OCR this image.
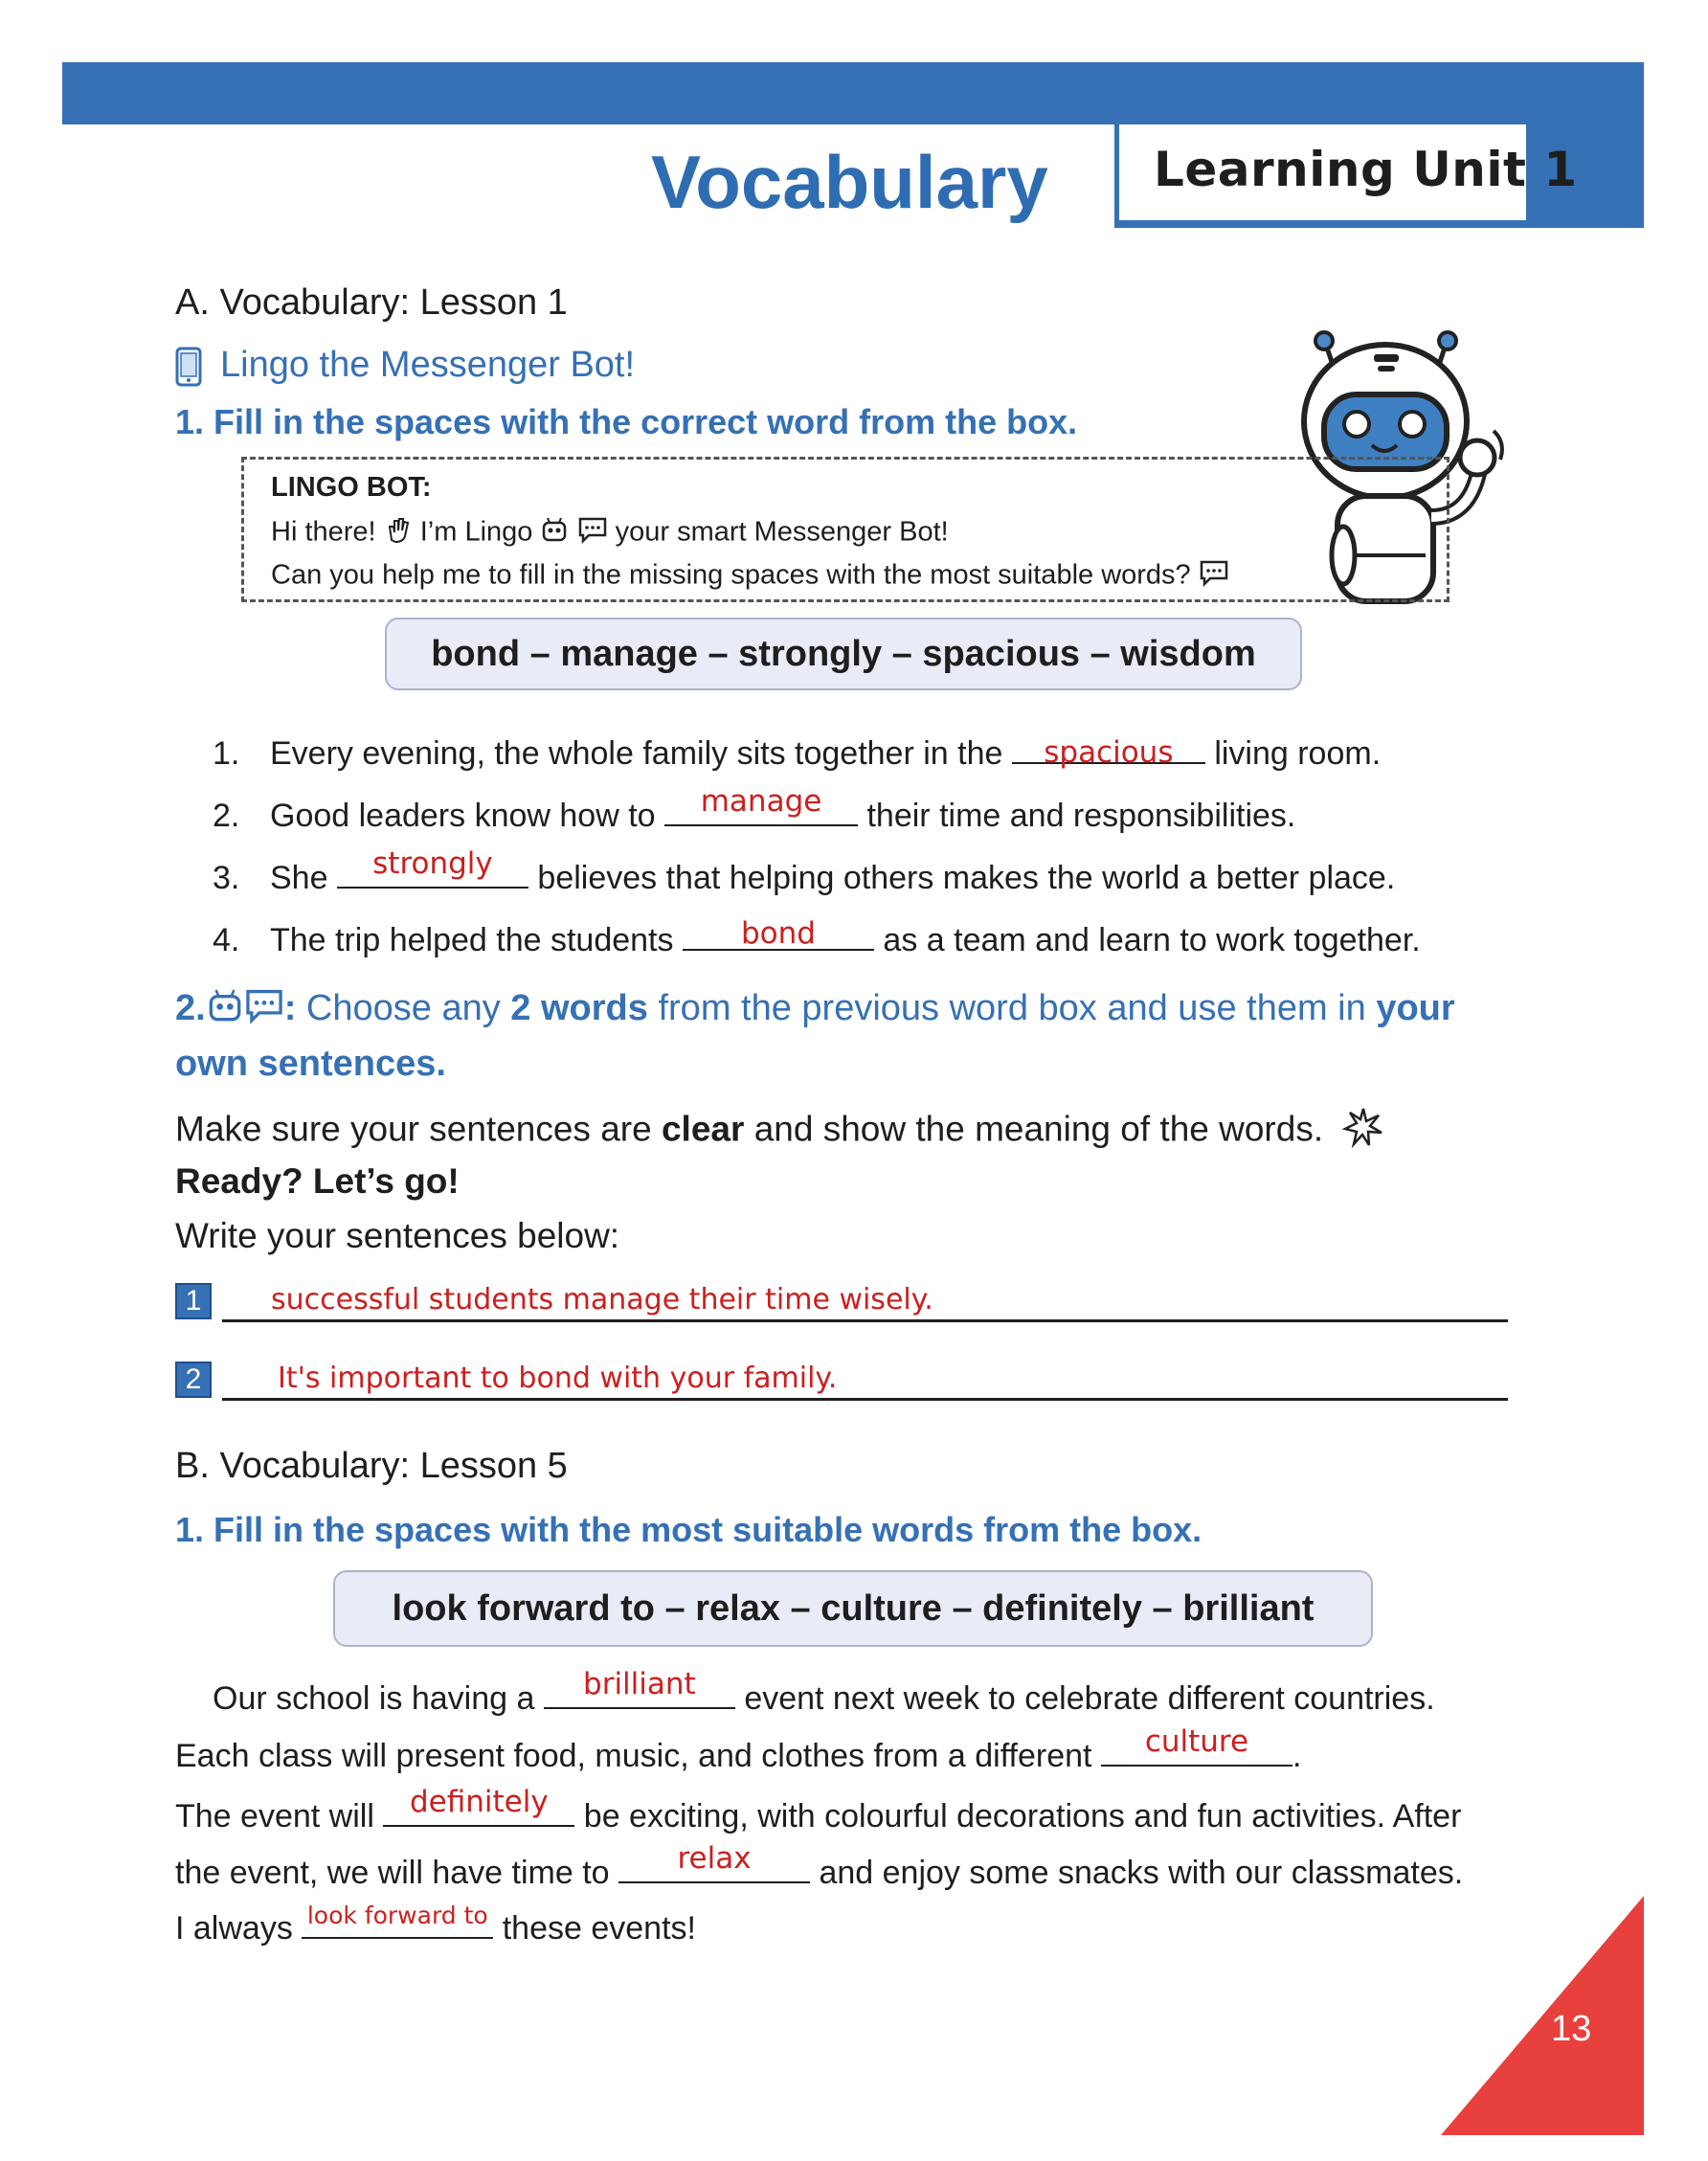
Learning Unit 1
Vocabulary
A. Vocabulary: Lesson 1
Lingo the Messenger Bot!
1. Fill in the spaces with the correct word from the box.
LINGO BOT:
Hi there! I’m Lingo	your smart Messenger Bot!
Can you help me to fill in the missing spaces with the most suitable words?
bond – manage – strongly – spacious – wisdom
1. Every evening, the whole family sits together in the	spacious	living room.
2. Good leaders know how to	manage	their time and responsibilities.
3. She	strongly	believes that helping others makes the world a better place.
4. The trip helped the students	bond	as a team and learn to work together.
2. : Choose any 2 words from the previous word box and use them in your
own sentences.
Make sure your sentences are clear and show the meaning of the words.
Ready? Let’s go!
Write your sentences below:
1	successful students manage their time wisely.
2	It's important to bond with your family.
B. Vocabulary: Lesson 5
1. Fill in the spaces with the most suitable words from the box.
look forward to – relax – culture – definitely – brilliant
Our school is having a	brilliant	event next week to celebrate different countries.
Each class will present food, music, and clothes from a different	culture	.
The event will	definitely	be exciting, with colourful decorations and fun activities. After
the event, we will have time to	relax	and enjoy some snacks with our classmates.
I always look forward to these events!
13
